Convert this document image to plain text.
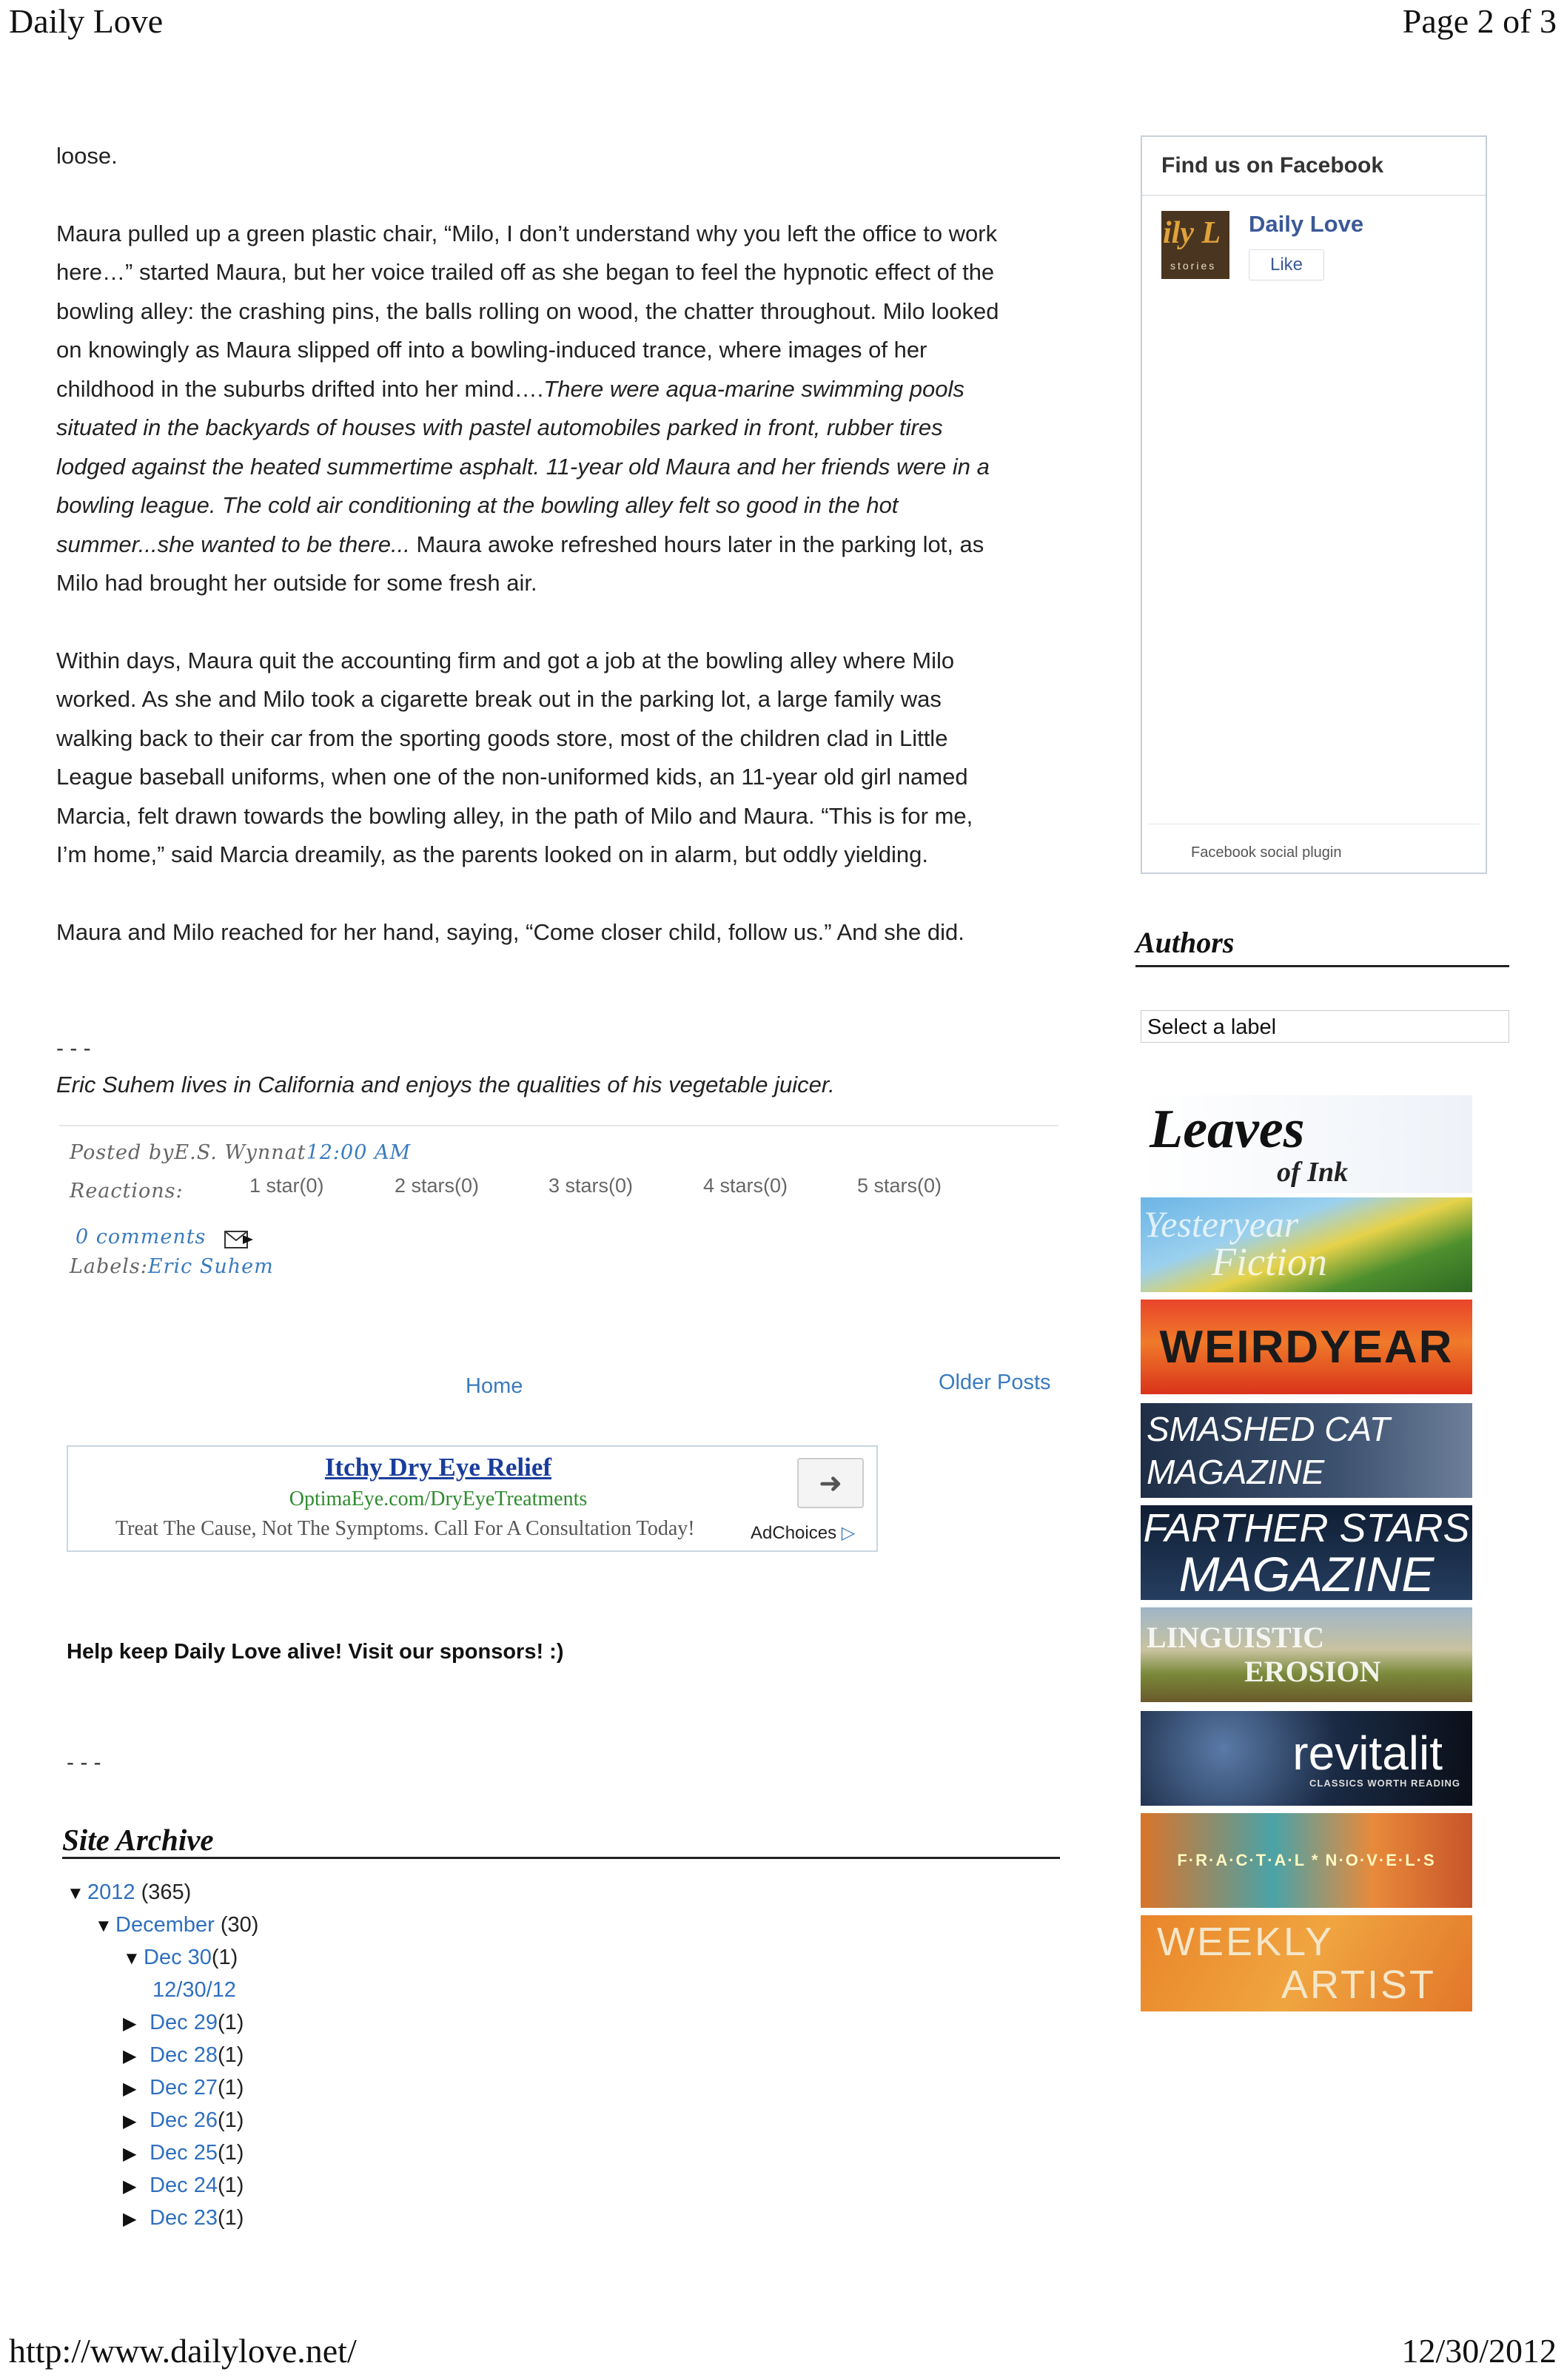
Daily Love	Page 2 of 3

loose.

Maura pulled up a green plastic chair, “Milo, I don’t understand why you left the office to work

here…” started Maura, but her voice trailed off as she began to feel the hypnotic effect of the

bowling alley: the crashing pins, the balls rolling on wood, the chatter throughout. Milo looked

on knowingly as Maura slipped off into a bowling-induced trance, where images of her

childhood in the suburbs drifted into her mind….There were aqua-marine swimming pools

situated in the backyards of houses with pastel automobiles parked in front, rubber tires

lodged against the heated summertime asphalt. 11-year old Maura and her friends were in a

bowling league. The cold air conditioning at the bowling alley felt so good in the hot

summer...she wanted to be there... Maura awoke refreshed hours later in the parking lot, as

Milo had brought her outside for some fresh air.

Within days, Maura quit the accounting firm and got a job at the bowling alley where Milo

worked. As she and Milo took a cigarette break out in the parking lot, a large family was

walking back to their car from the sporting goods store, most of the children clad in Little

League baseball uniforms, when one of the non-uniformed kids, an 11-year old girl named

Marcia, felt drawn towards the bowling alley, in the path of Milo and Maura. “This is for me,

I’m home,” said Marcia dreamily, as the parents looked on in alarm, but oddly yielding.

Maura and Milo reached for her hand, saying, “Come closer child, follow us.” And she did.

- - -
Eric Suhem lives in California and enjoys the qualities of his vegetable juicer.
Posted byE.S. Wynnat12:00 AM
Reactions:	1 star(0)	2 stars(0)	3 stars(0)	4 stars(0)	5 stars(0)
0 comments
Labels:Eric Suhem
Home	Older Posts
Itchy Dry Eye Relief
OptimaEye.com/DryEyeTreatments
Treat The Cause, Not The Symptoms. Call For A Consultation Today!
➜
AdChoices ▷
Help keep Daily Love alive! Visit our sponsors! :)
- - -
Site Archive
▼ 2012 (365)
▼ December (30)
▼ Dec 30(1)
12/30/12
▶ Dec 29(1)
▶ Dec 28(1)
▶ Dec 27(1)
▶ Dec 26(1)
▶ Dec 25(1)
▶ Dec 24(1)
▶ Dec 23(1)
Find us on Facebook
ily L
stories
Daily Love
Like
Facebook social plugin
Authors
Select a label
Leaves
of Ink
Yesteryear
Fiction
WEIRDYEAR
SMASHED CAT
MAGAZINE
FARTHER STARS
MAGAZINE
LINGUISTIC
EROSION
revitalit
CLASSICS WORTH READING
F·R·A·C·T·A·L * N·O·V·E·L·S
WEEKLY
ARTIST
http://www.dailylove.net/	12/30/2012
